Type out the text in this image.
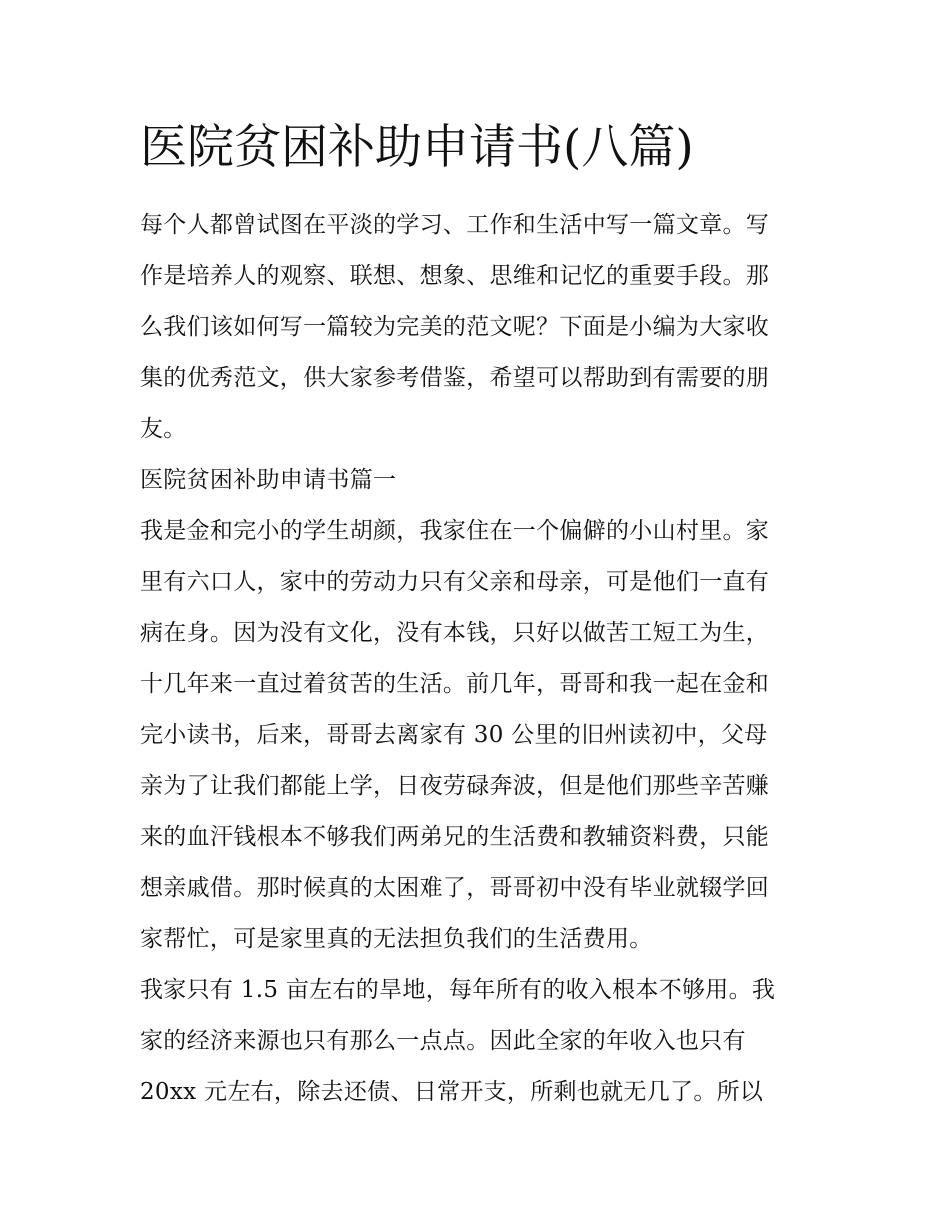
医院贫困补助申请书(八篇)
每个人都曾试图在平淡的学习、工作和生活中写一篇文章。写
作是培养人的观察、联想、想象、思维和记忆的重要手段。那
么我们该如何写一篇较为完美的范文呢？下面是小编为大家收
集的优秀范文，供大家参考借鉴，希望可以帮助到有需要的朋
友。
医院贫困补助申请书篇一
我是金和完小的学生胡颜，我家住在一个偏僻的小山村里。家
里有六口人，家中的劳动力只有父亲和母亲，可是他们一直有
病在身。因为没有文化，没有本钱，只好以做苦工短工为生，
十几年来一直过着贫苦的生活。前几年，哥哥和我一起在金和
完小读书，后来，哥哥去离家有 30 公里的旧州读初中，父母
亲为了让我们都能上学，日夜劳碌奔波，但是他们那些辛苦赚
来的血汗钱根本不够我们两弟兄的生活费和教辅资料费，只能
想亲戚借。那时候真的太困难了，哥哥初中没有毕业就辍学回
家帮忙，可是家里真的无法担负我们的生活费用。
我家只有 1.5 亩左右的旱地，每年所有的收入根本不够用。我
家的经济来源也只有那么一点点。因此全家的年收入也只有
20xx 元左右，除去还债、日常开支，所剩也就无几了。所以
